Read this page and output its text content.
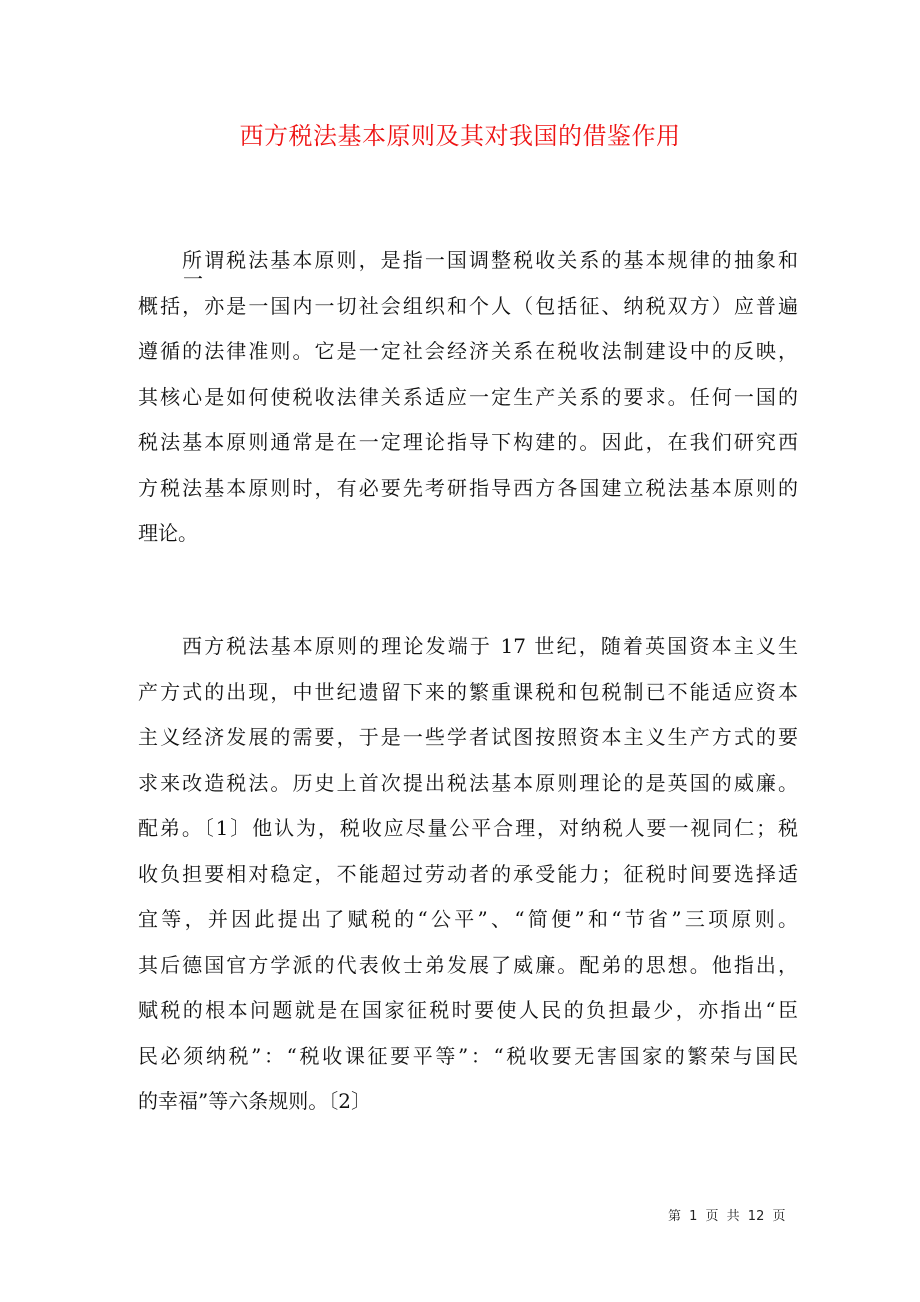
西方税法基本原则及其对我国的借鉴作用
一
所谓税法基本原则，是指一国调整税收关系的基本规律的抽象和
概括，亦是一国内一切社会组织和个人（包括征、纳税双方）应普遍
遵循的法律准则。它是一定社会经济关系在税收法制建设中的反映，
其核心是如何使税收法律关系适应一定生产关系的要求。任何一国的
税法基本原则通常是在一定理论指导下构建的。因此，在我们研究西
方税法基本原则时，有必要先考研指导西方各国建立税法基本原则的
理论。
西方税法基本原则的理论发端于 17 世纪，随着英国资本主义生
产方式的出现，中世纪遗留下来的繁重课税和包税制已不能适应资本
主义经济发展的需要，于是一些学者试图按照资本主义生产方式的要
求来改造税法。历史上首次提出税法基本原则理论的是英国的威廉。
配弟。〔1〕他认为，税收应尽量公平合理，对纳税人要一视同仁；税
收负担要相对稳定，不能超过劳动者的承受能力；征税时间要选择适
宜等，并因此提出了赋税的“公平”、“简便”和“节省”三项原则。
其后德国官方学派的代表攸士弟发展了威廉。配弟的思想。他指出，
赋税的根本问题就是在国家征税时要使人民的负担最少，亦指出“臣
民必须纳税”：“税收课征要平等”：“税收要无害国家的繁荣与国民
的幸福”等六条规则。〔2〕
第 1 页 共 12 页
